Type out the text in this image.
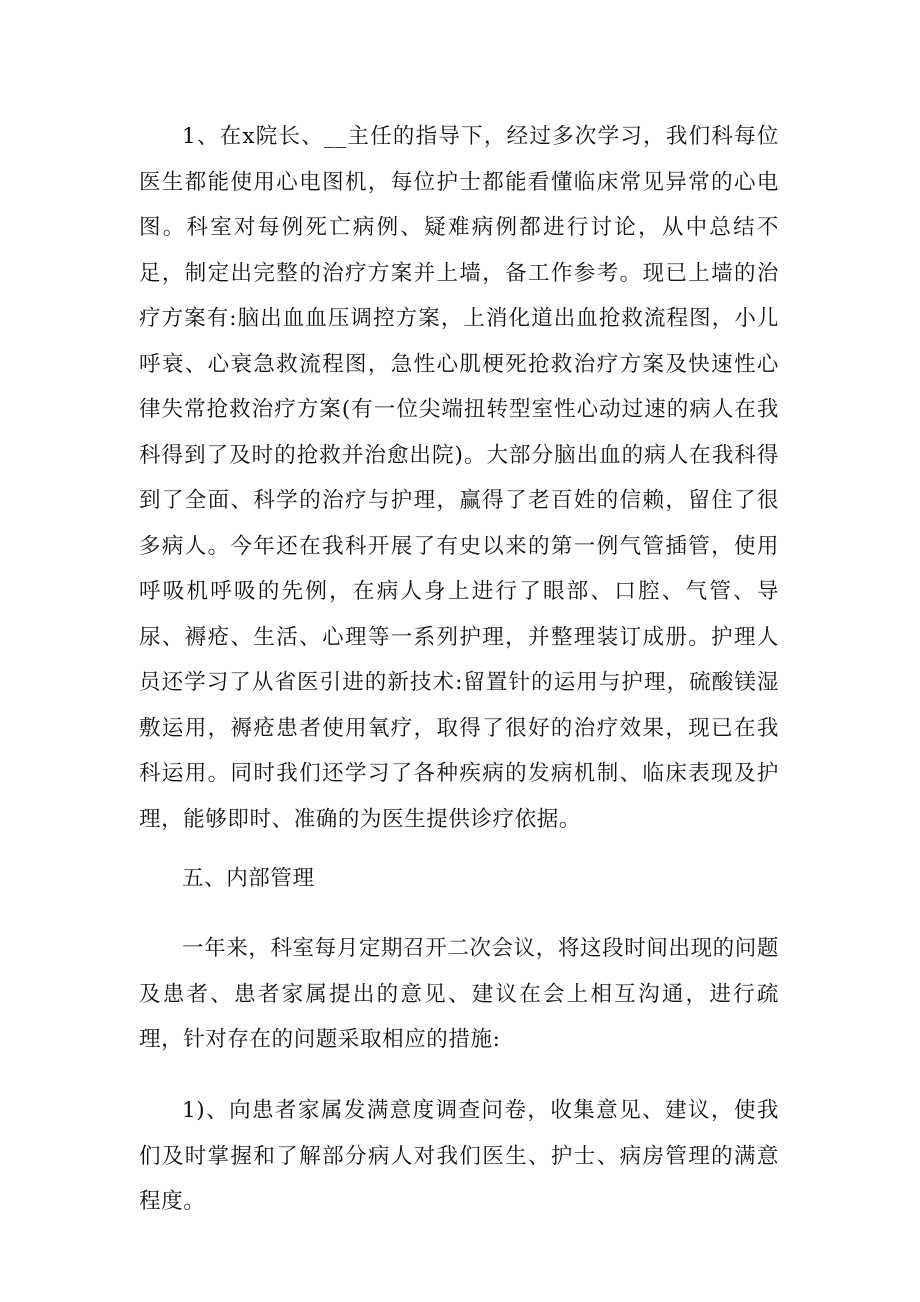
1、在x院长、__主任的指导下，经过多次学习，我们科每位医生都能使用心电图机，每位护士都能看懂临床常见异常的心电图。科室对每例死亡病例、疑难病例都进行讨论，从中总结不足，制定出完整的治疗方案并上墙，备工作参考。现已上墙的治疗方案有:脑出血血压调控方案，上消化道出血抢救流程图，小儿呼衰、心衰急救流程图，急性心肌梗死抢救治疗方案及快速性心律失常抢救治疗方案(有一位尖端扭转型室性心动过速的病人在我科得到了及时的抢救并治愈出院)。大部分脑出血的病人在我科得到了全面、科学的治疗与护理，赢得了老百姓的信赖，留住了很多病人。今年还在我科开展了有史以来的第一例气管插管，使用呼吸机呼吸的先例，在病人身上进行了眼部、口腔、气管、导尿、褥疮、生活、心理等一系列护理，并整理装订成册。护理人员还学习了从省医引进的新技术:留置针的运用与护理，硫酸镁湿敷运用，褥疮患者使用氧疗，取得了很好的治疗效果，现已在我科运用。同时我们还学习了各种疾病的发病机制、临床表现及护理，能够即时、准确的为医生提供诊疗依据。

五、内部管理

一年来，科室每月定期召开二次会议，将这段时间出现的问题及患者、患者家属提出的意见、建议在会上相互沟通，进行疏理，针对存在的问题采取相应的措施:

1)、向患者家属发满意度调查问卷，收集意见、建议，使我们及时掌握和了解部分病人对我们医生、护士、病房管理的满意程度。
